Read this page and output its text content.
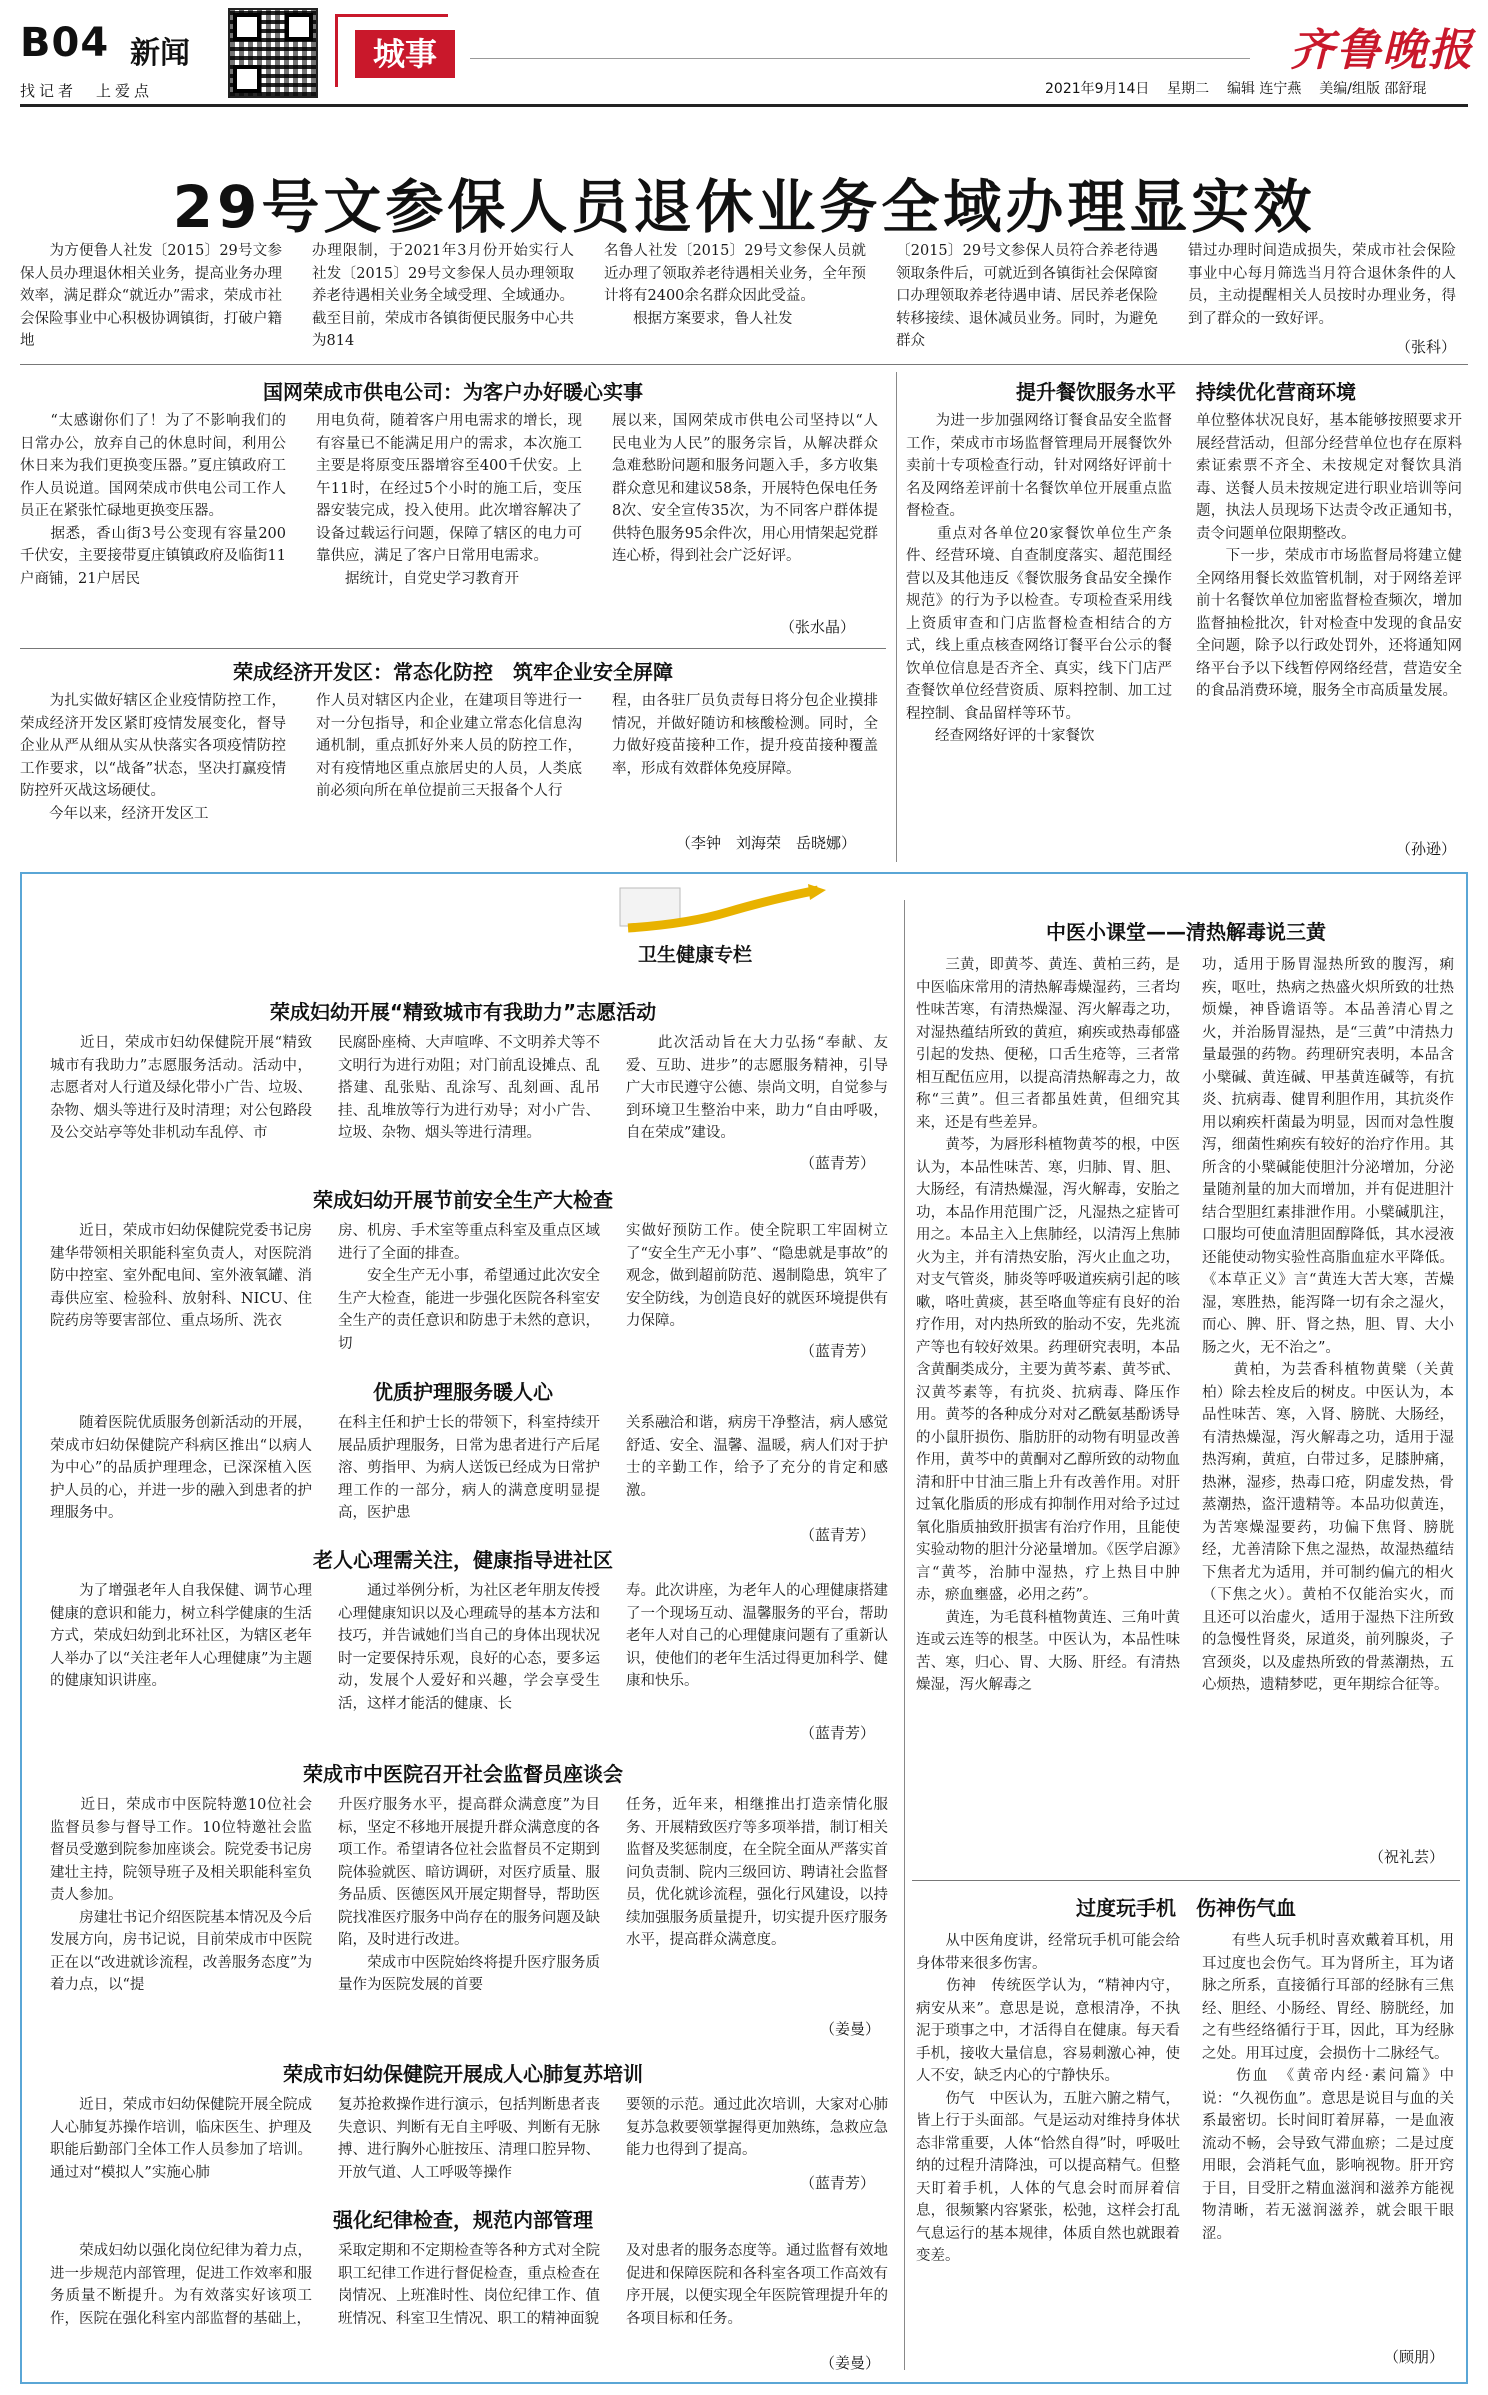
B04 新闻
找记者　上爱点
城事	齐鲁晚报
2021年9月14日 星期二 编辑 连宁燕 美编/组版 邵舒琨
29号文参保人员退休业务全域办理显实效
　　为方便鲁人社发〔2015〕29号文参保人员办理退休相关业务，提高业务办理效率，满足群众“就近办”需求，荣成市社会保险事业中心积极协调镇街，打破户籍地
办理限制，于2021年3月份开始实行人社发〔2015〕29号文参保人员办理领取养老待遇相关业务全域受理、全域通办。截至目前，荣成市各镇街便民服务中心共为814
名鲁人社发〔2015〕29号文参保人员就近办理了领取养老待遇相关业务，全年预计将有2400余名群众因此受益。
　　根据方案要求，鲁人社发
〔2015〕29号文参保人员符合养老待遇领取条件后，可就近到各镇街社会保障窗口办理领取养老待遇申请、居民养老保险转移接续、退休减员业务。同时，为避免群众
错过办理时间造成损失，荣成市社会保险事业中心每月筛选当月符合退休条件的人员，主动提醒相关人员按时办理业务，得到了群众的一致好评。
（张科）
国网荣成市供电公司：为客户办好暖心实事
　　“太感谢你们了！为了不影响我们的日常办公，放弃自己的休息时间，利用公休日来为我们更换变压器。”夏庄镇政府工作人员说道。国网荣成市供电公司工作人员正在紧张忙碌地更换变压器。
　　据悉，香山街3号公变现有容量200千伏安，主要接带夏庄镇镇政府及临街11户商铺，21户居民
用电负荷，随着客户用电需求的增长，现有容量已不能满足用户的需求，本次施工主要是将原变压器增容至400千伏安。上午11时，在经过5个小时的施工后，变压器安装完成，投入使用。此次增容解决了设备过载运行问题，保障了辖区的电力可靠供应，满足了客户日常用电需求。
　　据统计，自党史学习教育开
展以来，国网荣成市供电公司坚持以“人民电业为人民”的服务宗旨，从解决群众急难愁盼问题和服务问题入手，多方收集群众意见和建议58条，开展特色保电任务8次、安全宣传35次，为不同客户群体提供特色服务95余件次，用心用情架起党群连心桥，得到社会广泛好评。
（张水晶）
荣成经济开发区：常态化防控　筑牢企业安全屏障
　　为扎实做好辖区企业疫情防控工作，荣成经济开发区紧盯疫情发展变化，督导企业从严从细从实从快落实各项疫情防控工作要求，以“战备”状态，坚决打赢疫情防控歼灭战这场硬仗。
　　今年以来，经济开发区工
作人员对辖区内企业，在建项目等进行一对一分包指导，和企业建立常态化信息沟通机制，重点抓好外来人员的防控工作，对有疫情地区重点旅居史的人员，人类底前必须向所在单位提前三天报备个人行
程，由各驻厂员负责每日将分包企业摸排情况，并做好随访和核酸检测。同时，全力做好疫苗接种工作，提升疫苗接种覆盖率，形成有效群体免疫屏障。
（李钟　刘海荣　岳晓娜）
提升餐饮服务水平　持续优化营商环境
　　为进一步加强网络订餐食品安全监督工作，荣成市市场监督管理局开展餐饮外卖前十专项检查行动，针对网络好评前十名及网络差评前十名餐饮单位开展重点监督检查。
　　重点对各单位20家餐饮单位生产条件、经营环境、自查制度落实、超范围经营以及其他违反《餐饮服务食品安全操作规范》的行为予以检查。专项检查采用线上资质审查和门店监督检查相结合的方式，线上重点核查网络订餐平台公示的餐饮单位信息是否齐全、真实，线下门店严查餐饮单位经营资质、原料控制、加工过程控制、食品留样等环节。
　　经查网络好评的十家餐饮
单位整体状况良好，基本能够按照要求开展经营活动，但部分经营单位也存在原料索证索票不齐全、未按规定对餐饮具消毒、送餐人员未按规定进行职业培训等问题，执法人员现场下达责令改正通知书，责令问题单位限期整改。
　　下一步，荣成市市场监督局将建立健全网络用餐长效监管机制，对于网络差评前十名餐饮单位加密监督检查频次，增加监督抽检批次，针对检查中发现的食品安全问题，除予以行政处罚外，还将通知网络平台予以下线暂停网络经营，营造安全的食品消费环境，服务全市高质量发展。
（孙逊）
卫生健康专栏
荣成妇幼开展“精致城市有我助力”志愿活动
　　近日，荣成市妇幼保健院开展“精致城市有我助力”志愿服务活动。活动中，志愿者对人行道及绿化带小广告、垃圾、杂物、烟头等进行及时清理；对公包路段及公交站亭等处非机动车乱停、市
民腐卧座椅、大声喧哗、不文明养犬等不文明行为进行劝阻；对门前乱设摊点、乱搭建、乱张贴、乱涂写、乱刻画、乱吊挂、乱堆放等行为进行劝导；对小广告、垃圾、杂物、烟头等进行清理。
　　此次活动旨在大力弘扬“奉献、友爱、互助、进步”的志愿服务精神，引导广大市民遵守公德、崇尚文明，自觉参与到环境卫生整治中来，助力“自由呼吸，自在荣成”建设。
（蓝青芳）
荣成妇幼开展节前安全生产大检查
　　近日，荣成市妇幼保健院党委书记房建华带领相关职能科室负责人，对医院消防中控室、室外配电间、室外液氧罐、消毒供应室、检验科、放射科、NICU、住院药房等要害部位、重点场所、洗衣
房、机房、手术室等重点科室及重点区域进行了全面的排查。
　　安全生产无小事，希望通过此次安全生产大检查，能进一步强化医院各科室安全生产的责任意识和防患于未然的意识，切
实做好预防工作。使全院职工牢固树立了“安全生产无小事”、“隐患就是事故”的观念，做到超前防范、遏制隐患，筑牢了安全防线，为创造良好的就医环境提供有力保障。
（蓝青芳）
优质护理服务暖人心
　　随着医院优质服务创新活动的开展，荣成市妇幼保健院产科病区推出“以病人为中心”的品质护理理念，已深深植入医护人员的心，并进一步的融入到患者的护理服务中。
在科主任和护士长的带领下，科室持续开展品质护理服务，日常为患者进行产后尾溶、剪指甲、为病人送饭已经成为日常护理工作的一部分，病人的满意度明显提高，医护患
关系融洽和谐，病房干净整洁，病人感觉舒适、安全、温馨、温暖，病人们对于护士的辛勤工作，给予了充分的肯定和感激。
（蓝青芳）
老人心理需关注，健康指导进社区
　　为了增强老年人自我保健、调节心理健康的意识和能力，树立科学健康的生活方式，荣成妇幼到北环社区，为辖区老年人举办了以“关注老年人心理健康”为主题的健康知识讲座。
　　通过举例分析，为社区老年朋友传授心理健康知识以及心理疏导的基本方法和技巧，并告诫她们当自己的身体出现状况时一定要保持乐观，良好的心态，要多运动，发展个人爱好和兴趣，学会享受生活，这样才能活的健康、长
寿。此次讲座，为老年人的心理健康搭建了一个现场互动、温馨服务的平台，帮助老年人对自己的心理健康问题有了重新认识，使他们的老年生活过得更加科学、健康和快乐。
（蓝青芳）
荣成市中医院召开社会监督员座谈会
　　近日，荣成市中医院特邀10位社会监督员参与督导工作。10位特邀社会监督员受邀到院参加座谈会。院党委书记房建壮主持，院领导班子及相关职能科室负责人参加。
　　房建壮书记介绍医院基本情况及今后发展方向，房书记说，目前荣成市中医院正在以“改进就诊流程，改善服务态度”为着力点，以“提
升医疗服务水平，提高群众满意度”为目标，坚定不移地开展提升群众满意度的各项工作。希望请各位社会监督员不定期到院体验就医、暗访调研，对医疗质量、服务品质、医德医风开展定期督导，帮助医院找准医疗服务中尚存在的服务问题及缺陷，及时进行改进。
　　荣成市中医院始终将提升医疗服务质量作为医院发展的首要
任务，近年来，相继推出打造亲情化服务、开展精致医疗等多项举措，制订相关监督及奖惩制度，在全院全面从严落实首问负责制、院内三级回访、聘请社会监督员，优化就诊流程，强化行风建设，以持续加强服务质量提升，切实提升医疗服务水平，提高群众满意度。
（姜曼）
荣成市妇幼保健院开展成人心肺复苏培训
　　近日，荣成市妇幼保健院开展全院成人心肺复苏操作培训，临床医生、护理及职能后勤部门全体工作人员参加了培训。通过对“模拟人”实施心肺
复苏抢救操作进行演示，包括判断患者丧失意识、判断有无自主呼吸、判断有无脉搏、进行胸外心脏按压、清理口腔异物、开放气道、人工呼吸等操作
要领的示范。通过此次培训，大家对心肺复苏急救要领掌握得更加熟练，急救应急能力也得到了提高。
（蓝青芳）
强化纪律检查，规范内部管理
　　荣成妇幼以强化岗位纪律为着力点，进一步规范内部管理，促进工作效率和服务质量不断提升。为有效落实好该项工作，医院在强化科室内部监督的基础上，
采取定期和不定期检查等各种方式对全院职工纪律工作进行督促检查，重点检查在岗情况、上班准时性、岗位纪律工作、值班情况、科室卫生情况、职工的精神面貌
及对患者的服务态度等。通过监督有效地促进和保障医院和各科室各项工作高效有序开展，以便实现全年医院管理提升年的各项目标和任务。
（姜曼）
中医小课堂——清热解毒说三黄
　　三黄，即黄芩、黄连、黄柏三药，是中医临床常用的清热解毒燥湿药，三者均性味苦寒，有清热燥湿、泻火解毒之功，对湿热蕴结所致的黄疸，痢疾或热毒郁盛引起的发热、便秘，口舌生疮等，三者常相互配伍应用，以提高清热解毒之力，故称“三黄”。但三者都虽姓黄，但细究其来，还是有些差异。
　　黄芩，为唇形科植物黄芩的根，中医认为，本品性味苦、寒，归肺、胃、胆、大肠经，有清热燥湿，泻火解毒，安胎之功，本品作用范围广泛，凡湿热之症皆可用之。本品主入上焦肺经，以清泻上焦肺火为主，并有清热安胎，泻火止血之功，对支气管炎，肺炎等呼吸道疾病引起的咳嗽，咯吐黄痰，甚至咯血等症有良好的治疗作用，对内热所致的胎动不安，先兆流产等也有较好效果。药理研究表明，本品含黄酮类成分，主要为黄芩素、黄芩甙、汉黄芩素等，有抗炎、抗病毒、降压作用。黄芩的各种成分对对乙酰氨基酚诱导的小鼠肝损伤、脂肪肝的动物有明显改善作用，黄芩中的黄酮对乙醇所致的动物血清和肝中甘油三脂上升有改善作用。对肝过氧化脂质的形成有抑制作用对给予过过氧化脂质抽致肝损害有治疗作用，且能使实验动物的胆汁分泌量增加。《医学启源》言“黄芩，治肺中湿热，疗上热目中肿赤，瘀血壅盛，必用之药”。
　　黄连，为毛茛科植物黄连、三角叶黄连或云连等的根茎。中医认为，本品性味苦、寒，归心、胃、大肠、肝经。有清热燥湿，泻火解毒之
功，适用于肠胃湿热所致的腹泻，痢疾，呕吐，热病之热盛火炽所致的壮热烦燥，神昏谵语等。本品善清心胃之火，并治肠胃湿热，是“三黄”中清热力量最强的药物。药理研究表明，本品含小檗碱、黄连碱、甲基黄连碱等，有抗炎、抗病毒、健胃利胆作用，其抗炎作用以痢疾杆菌最为明显，因而对急性腹泻，细菌性痢疾有较好的治疗作用。其所含的小檗碱能使胆汁分泌增加，分泌量随剂量的加大而增加，并有促进胆汁结合型胆红素排泄作用。小檗碱肌注，口服均可使血清胆固醇降低，其水浸液还能使动物实验性高脂血症水平降低。《本草正义》言“黄连大苦大寒，苦燥湿，寒胜热，能泻降一切有余之湿火，而心、脾、肝、肾之热，胆、胃、大小肠之火，无不治之”。
　　黄柏，为芸香科植物黄檗（关黄柏）除去栓皮后的树皮。中医认为，本品性味苦、寒，入肾、膀胱、大肠经，有清热燥湿，泻火解毒之功，适用于湿热泻痢，黄疸，白带过多，足膝肿痛，热淋，湿疹，热毒口疮，阴虚发热，骨蒸潮热，盗汗遗精等。本品功似黄连，为苦寒燥湿要药，功偏下焦肾、膀胱经，尤善清除下焦之湿热，故湿热蕴结下焦者尤为适用，并可制约偏亢的相火（下焦之火）。黄柏不仅能治实火，而且还可以治虚火，适用于湿热下注所致的急慢性肾炎，尿道炎，前列腺炎，子宫颈炎，以及虚热所致的骨蒸潮热，五心烦热，遗精梦呓，更年期综合征等。
（祝礼芸）
过度玩手机　伤神伤气血
　　从中医角度讲，经常玩手机可能会给身体带来很多伤害。
　　伤神　传统医学认为，“精神内守，病安从来”。意思是说，意根清净，不执泥于琐事之中，才活得自在健康。每天看手机，接收大量信息，容易刺激心神，使人不安，缺乏内心的宁静快乐。
　　伤气　中医认为，五脏六腑之精气，皆上行于头面部。气是运动对维持身体状态非常重要，人体“恰然自得”时，呼吸吐纳的过程升清降浊，可以提高精气。但整天盯着手机，人体的气息会时而屏着信息，很频繁内容紧张，松弛，这样会打乱气息运行的基本规律，体质自然也就跟着变差。
　　有些人玩手机时喜欢戴着耳机，用耳过度也会伤气。耳为肾所主，耳为诸脉之所系，直接循行耳部的经脉有三焦经、胆经、小肠经、胃经、膀胱经，加之有些经络循行于耳，因此，耳为经脉之处。用耳过度，会损伤十二脉经气。
　　伤血　《黄帝内经·素问篇》中说：“久视伤血”。意思是说目与血的关系最密切。长时间盯着屏幕，一是血液流动不畅，会导致气滞血瘀；二是过度用眼，会消耗气血，影响视物。肝开窍于目，目受肝之精血滋润和滋养方能视物清晰，若无滋润滋养，就会眼干眼涩。
（顾朋）
